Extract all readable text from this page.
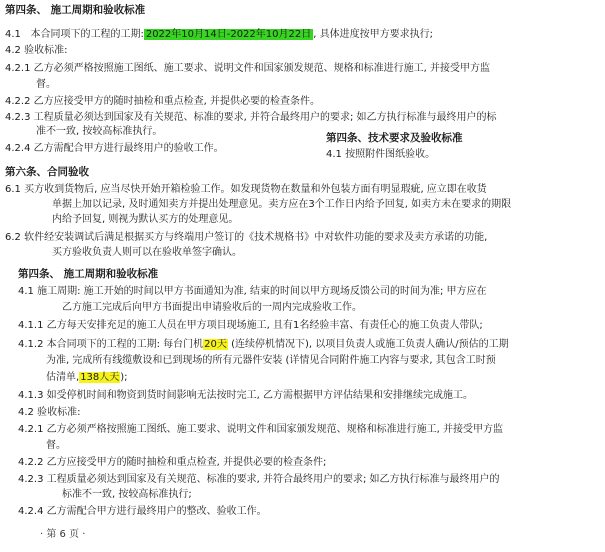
第四条、 施工周期和验收标准
4.1 本合同项下的工程的工期: 2022年10月14日-2022年10月22日 , 具体进度按甲方要求执行;
4.2 验收标准:
4.2.1 乙方必须严格按照施工图纸、施工要求、说明文件和国家颁发规范、规格和标准进行施工, 并接受甲方监
督。
4.2.2 乙方应接受甲方的随时抽检和重点检查, 并提供必要的检查条件。
4.2.3 工程质量必须达到国家及有关规范、标准的要求, 并符合最终用户的要求; 如乙方执行标准与最终用户的标
准不一致, 按较高标准执行。
4.2.4 乙方需配合甲方进行最终用户的验收工作。
第四条、技术要求及验收标准
4.1 按照附件图纸验收。
第六条、合同验收
6.1 买方收到货物后, 应当尽快开始开箱检验工作。如发现货物在数量和外包装方面有明显瑕疵, 应立即在收货
单据上加以记录, 及时通知卖方并提出处理意见。卖方应在3个工作日内给予回复, 如卖方未在要求的期限
内给予回复, 则视为默认买方的处理意见。
6.2 软件经安装调试后满足根据买方与终端用户签订的《技术规格书》中对软件功能的要求及卖方承诺的功能,
买方验收负责人则可以在验收单签字确认。
第四条、 施工周期和验收标准
4.1 施工周期: 施工开始的时间以甲方书面通知为准, 结束的时间以甲方现场反馈公司的时间为准; 甲方应在
乙方施工完成后向甲方书面提出申请验收后的一周内完成验收工作。
4.1.1 乙方每天安排充足的施工人员在甲方项目现场施工, 且有1名经验丰富、有责任心的施工负责人带队;
4.1.2 本合同项下的工程的工期: 每台门机20天 (连续停机情况下), 以项目负责人或施工负责人确认/预估的工期
为准, 完成所有线缆敷设和已到现场的所有元器件安装 (详情见合同附件施工内容与要求, 其包含工时预
估清单,138人天);
4.1.3 如受停机时间和物资到货时间影响无法按时完工, 乙方需根据甲方评估结果和安排继续完成施工。
4.2 验收标准:
4.2.1 乙方必须严格按照施工图纸、施工要求、说明文件和国家颁发规范、规格和标准进行施工, 并接受甲方监
督。
4.2.2 乙方应接受甲方的随时抽检和重点检查, 并提供必要的检查条件;
4.2.3 工程质量必须达到国家及有关规范、标准的要求, 并符合最终用户的要求; 如乙方执行标准与最终用户的
标准不一致, 按较高标准执行;
4.2.4 乙方需配合甲方进行最终用户的整改、验收工作。
· 第 6 页 ·
